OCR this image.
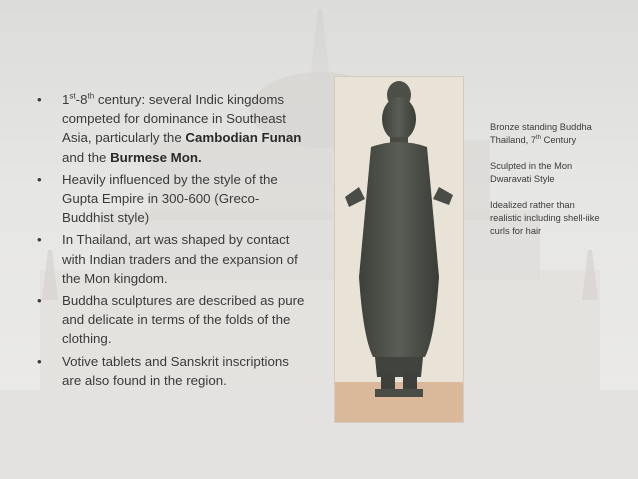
• 1st-8th century: several Indic kingdoms competed for dominance in Southeast Asia, particularly the Cambodian Funan and the Burmese Mon.
• Heavily influenced by the style of the Gupta Empire in 300-600 (Greco-Buddhist style)
• In Thailand, art was shaped by contact with Indian traders and the expansion of the Mon kingdom.
• Buddha sculptures are described as pure and delicate in terms of the folds of the clothing.
• Votive tablets and Sanskrit inscriptions are also found in the region.

Bronze standing Buddha Thailand, 7th Century

Sculpted in the Mon Dwaravati Style

Idealized rather than realistic including shell-iike curls for hair
